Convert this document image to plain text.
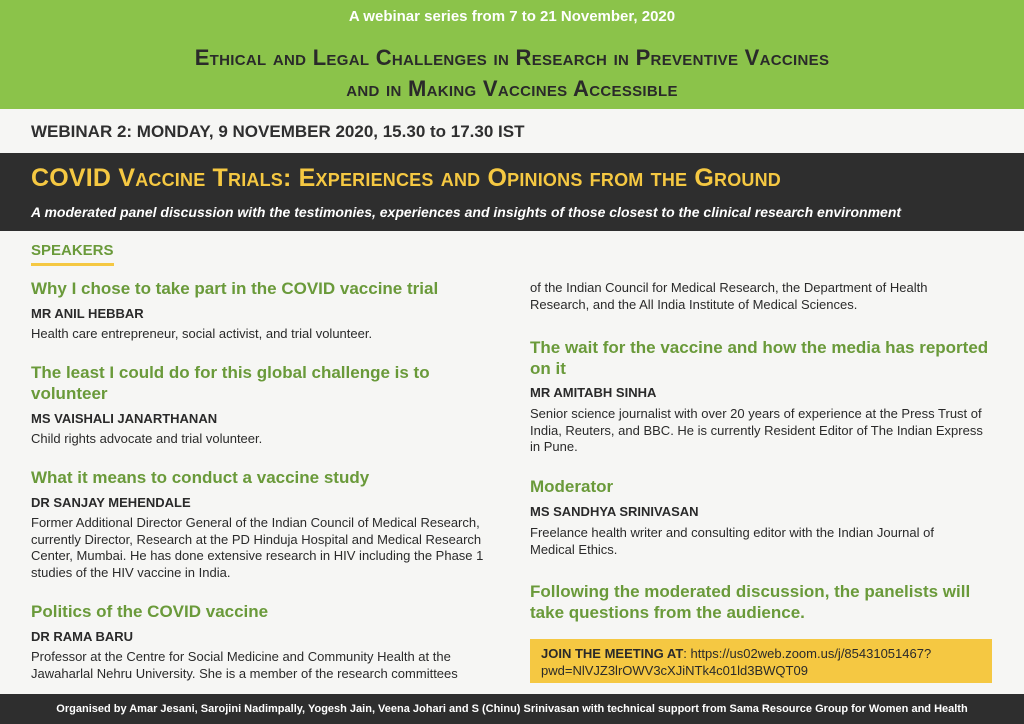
A webinar series from 7 to 21 November, 2020
Ethical and Legal Challenges in Research in Preventive Vaccines
and in Making Vaccines Accessible
WEBINAR 2: MONDAY, 9 NOVEMBER 2020, 15.30 to 17.30 IST
COVID Vaccine Trials: Experiences and Opinions from the Ground
A moderated panel discussion with the testimonies, experiences and insights of those closest to the clinical research environment
SPEAKERS
Why I chose to take part in the COVID vaccine trial
MR ANIL HEBBAR
Health care entrepreneur, social activist, and trial volunteer.
The least I could do for this global challenge is to volunteer
MS VAISHALI JANARTHANAN
Child rights advocate and trial volunteer.
What it means to conduct a vaccine study
DR SANJAY MEHENDALE
Former Additional Director General of the Indian Council of Medical Research, currently Director, Research at the PD Hinduja Hospital and Medical Research Center, Mumbai. He has done extensive research in HIV including the Phase 1 studies of the HIV vaccine in India.
Politics of the COVID vaccine
DR RAMA BARU
Professor at the Centre for Social Medicine and Community Health at the Jawaharlal Nehru University. She is a member of the research committees
of the Indian Council for Medical Research, the Department of Health Research, and the All India Institute of Medical Sciences.
The wait for the vaccine and how the media has reported on it
MR AMITABH SINHA
Senior science journalist with over 20 years of experience at the Press Trust of India, Reuters, and BBC. He is currently Resident Editor of The Indian Express in Pune.
Moderator
MS SANDHYA SRINIVASAN
Freelance health writer and consulting editor with the Indian Journal of Medical Ethics.
Following the moderated discussion, the panelists will take questions from the audience.
JOIN THE MEETING AT: https://us02web.zoom.us/j/85431051467?pwd=NlVJZ3lrOWV3cXJiNTk4c01ld3BWQT09
Organised by Amar Jesani, Sarojini Nadimpally, Yogesh Jain, Veena Johari and S (Chinu) Srinivasan with technical support from Sama Resource Group for Women and Health
